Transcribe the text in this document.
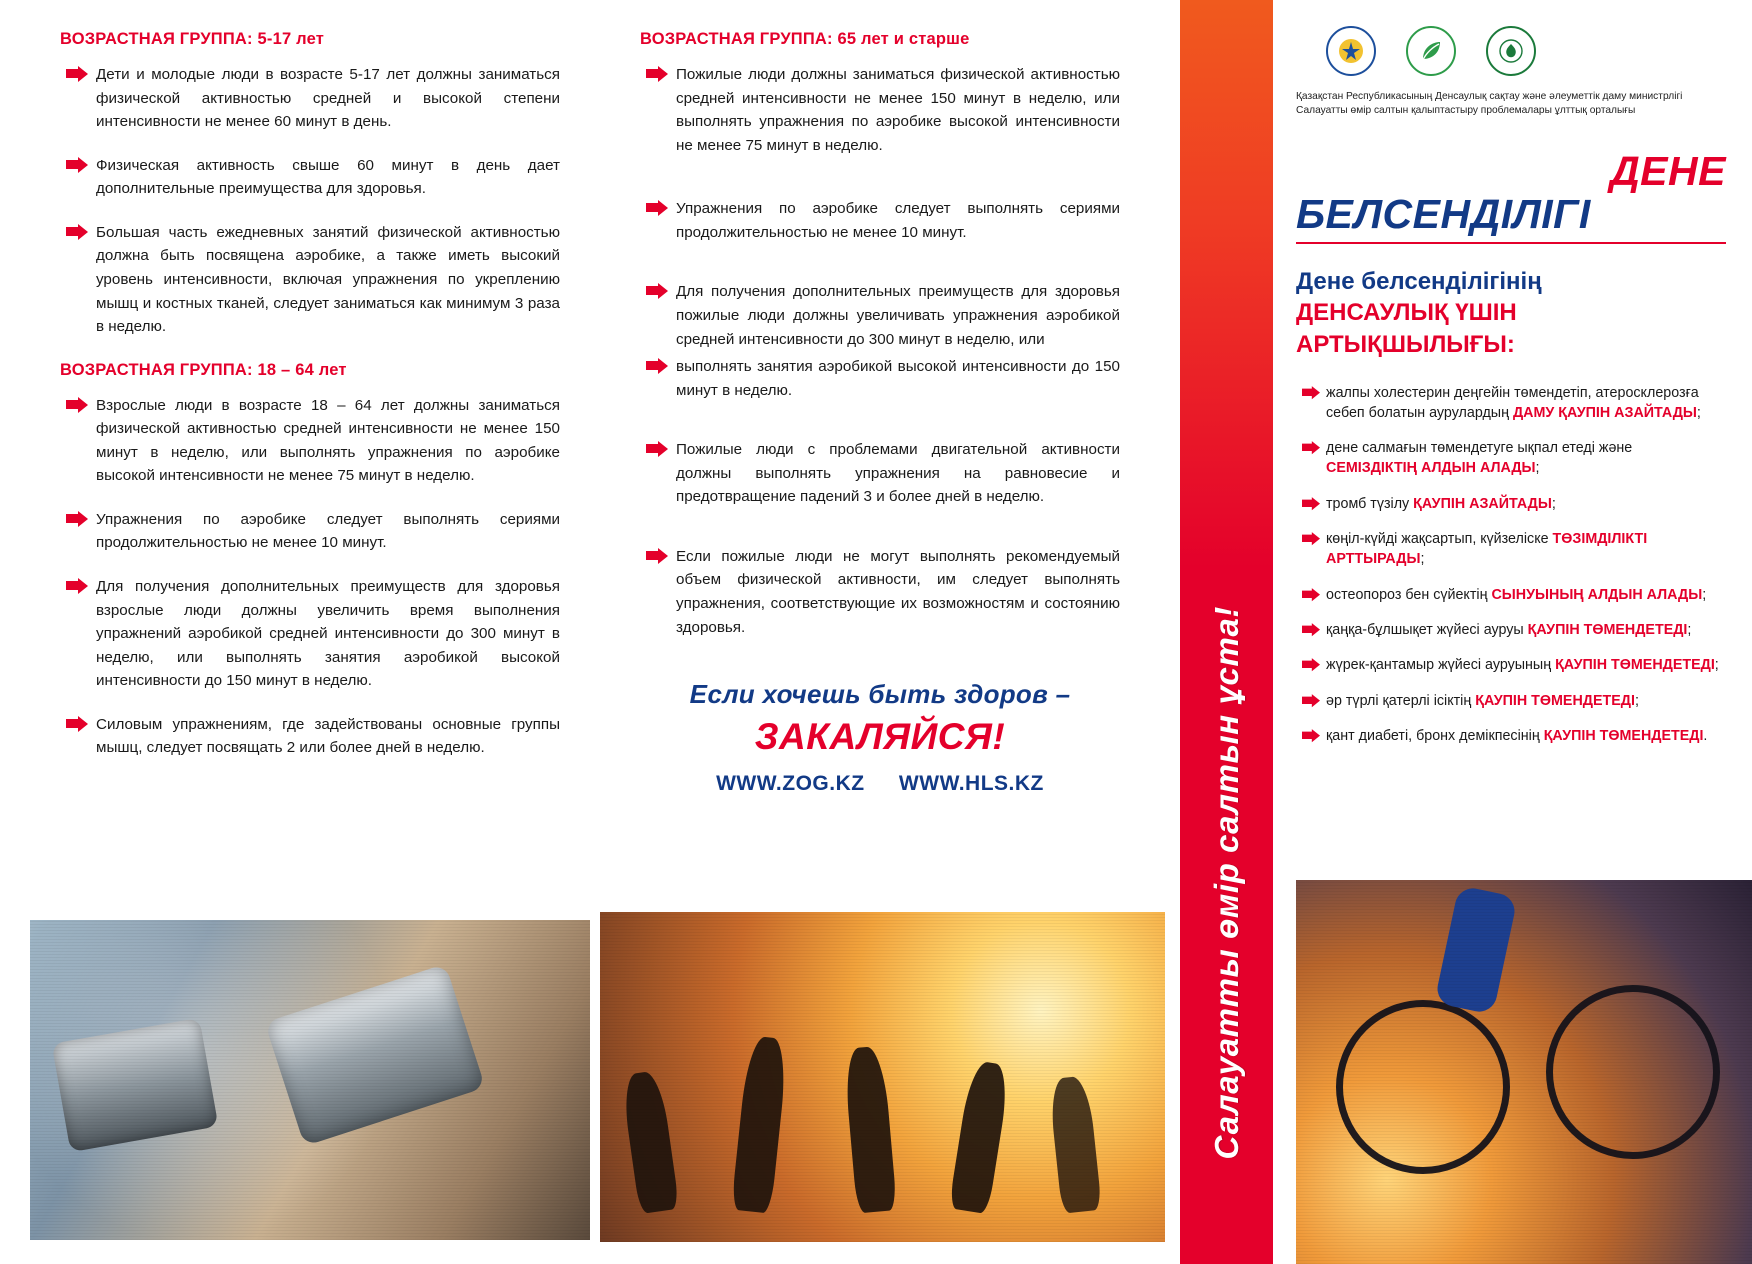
ВОЗРАСТНАЯ ГРУППА: 5-17 лет
Дети и молодые люди в возрасте 5-17 лет должны заниматься физической активностью средней и высокой степени интенсивности не менее 60 минут в день.
Физическая активность свыше 60 минут в день дает дополнительные преимущества для здоровья.
Большая часть ежедневных занятий физической активностью должна быть посвящена аэробике, а также иметь высокий уровень интенсивности, включая упражнения по укреплению мышц и костных тканей, следует заниматься как минимум 3 раза в неделю.
ВОЗРАСТНАЯ ГРУППА: 18 – 64 лет
Взрослые люди в возрасте 18 – 64 лет должны заниматься физической активностью средней интенсивности не менее 150 минут в неделю, или выполнять упражнения по аэробике высокой интенсивности не менее 75 минут в неделю.
Упражнения по аэробике следует выполнять сериями продолжительностью не менее 10 минут.
Для получения дополнительных преимуществ для здоровья взрослые люди должны увеличить время выполнения упражнений аэробикой средней интенсивности до 300 минут в неделю, или выполнять занятия аэробикой высокой интенсивности до 150 минут в неделю.
Силовым упражнениям, где задействованы основные группы мышц, следует посвящать 2 или более дней в неделю.
ВОЗРАСТНАЯ ГРУППА: 65 лет и старше
Пожилые люди должны заниматься физической активностью средней интенсивности не менее 150 минут в неделю, или выполнять упражнения по аэробике высокой интенсивности не менее 75 минут в неделю.
Упражнения по аэробике следует выполнять сериями продолжительностью не менее 10 минут.
Для получения дополнительных преимуществ для здоровья пожилые люди должны увеличивать упражнения аэробикой средней интенсивности до 300 минут в неделю, или
выполнять занятия аэробикой высокой интенсивности до 150 минут в неделю.
Пожилые люди с проблемами двигательной активности должны выполнять упражнения на равновесие и предотвращение падений 3 и более дней в неделю.
Если пожилые люди не могут выполнять рекомендуемый объем физической активности, им следует выполнять упражнения, соответствующие их возможностям и состоянию здоровья.
Если хочешь быть здоров –
ЗАКАЛЯЙСЯ!
WWW.ZOG.KZ WWW.HLS.KZ	Салауатты өмір салтын ұста!
Қазақстан Республикасының Денсаулық сақтау және әлеуметтік даму министрлігі
Салауатты өмір салтын қалыптастыру проблемалары ұлттық орталығы
ДЕНЕ
БЕЛСЕНДІЛІГІ
Дене белсенділігінің
ДЕНСАУЛЫҚ ҮШІН
АРТЫҚШЫЛЫҒЫ:
жалпы холестерин деңгейін төмендетіп, атеросклерозға себеп болатын аурулардың ДАМУ ҚАУПІН АЗАЙТАДЫ;
дене салмағын төмендетуге ықпал етеді және СЕМІЗДІКТІҢ АЛДЫН АЛАДЫ;
тромб түзілу ҚАУПІН АЗАЙТАДЫ;
көңіл-күйді жақсартып, күйзеліске ТӨЗІМДІЛІКТІ АРТТЫРАДЫ;
остеопороз бен сүйектің СЫНУЫНЫҢ АЛДЫН АЛАДЫ;
қаңқа-бұлшықет жүйесі ауруы ҚАУПІН ТӨМЕНДЕТЕДІ;
жүрек-қантамыр жүйесі ауруының ҚАУПІН ТӨМЕНДЕТЕДІ;
әр түрлі қатерлі ісіктің ҚАУПІН ТӨМЕНДЕТЕДІ;
қант диабеті, бронх демікпесінің ҚАУПІН ТӨМЕНДЕТЕДІ.
